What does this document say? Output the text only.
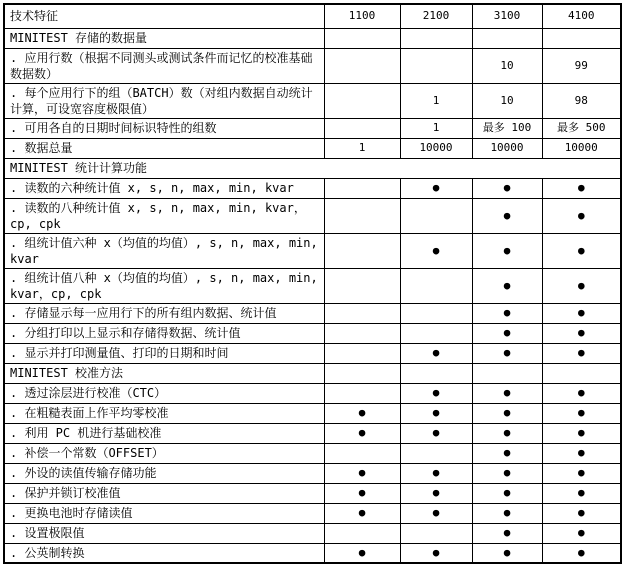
技术特征	1100	2100	3100	4100
MINITEST 存储的数据量				
. 应用行数（根据不同测头或测试条件而记忆的校准基础数据数）			10	99
. 每个应用行下的组（BATCH）数（对组内数据自动统计计算，可设宽容度极限值）		1	10	98
. 可用各自的日期时间标识特性的组数		1	最多 100	最多 500
. 数据总量	1	10000	10000	10000
MINITEST 统计计算功能				
. 读数的六种统计值 x, s, n, max, min, kvar		●	●	●
. 读数的八种统计值 x, s, n, max, min, kvar，cp, cpk			●	●
. 组统计值六种 x（均值的均值）, s, n, max, min, kvar		●	●	●
. 组统计值八种 x（均值的均值）, s, n, max, min, kvar，cp, cpk			●	●
. 存储显示每一应用行下的所有组内数据、统计值			●	●
. 分组打印以上显示和存储得数据、统计值			●	●
. 显示并打印测量值、打印的日期和时间		●	●	●
MINITEST 校准方法				
. 透过涂层进行校准（CTC）		●	●	●
. 在粗糙表面上作平均零校准	●	●	●	●
. 利用 PC 机进行基础校准	●	●	●	●
. 补偿一个常数（OFFSET）			●	●
. 外设的读值传输存储功能	●	●	●	●
. 保护并锁订校准值	●	●	●	●
. 更换电池时存储读值	●	●	●	●
. 设置极限值			●	●
. 公英制转换	●	●	●	●
